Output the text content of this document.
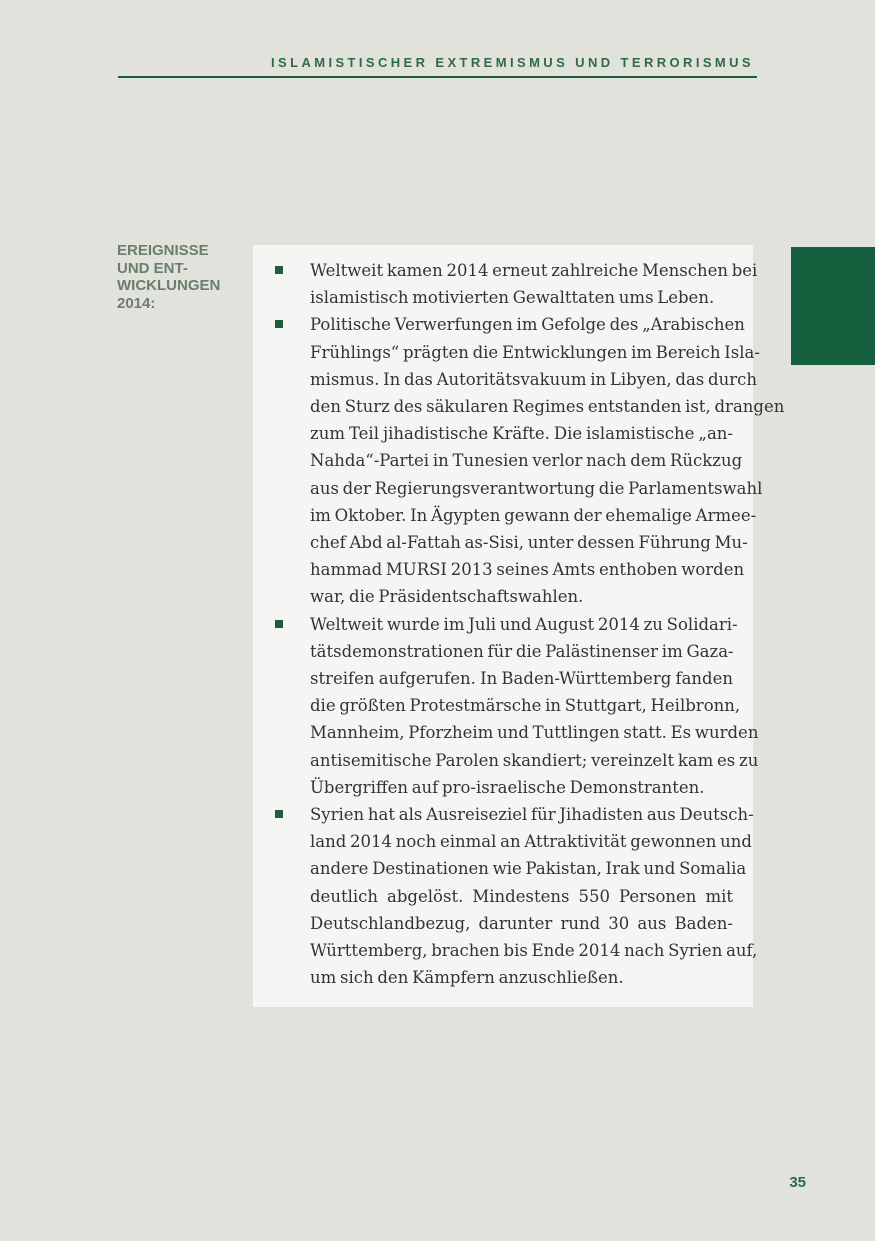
ISLAMISTISCHER EXTREMISMUS UND TERRORISMUS
EREIGNISSE
UND ENT-
WICKLUNGEN
2014:
Weltweit kamen 2014 erneut zahlreiche Menschen bei
islamistisch motivierten Gewalttaten ums Leben.
Politische Verwerfungen im Gefolge des „Arabischen
Frühlings“ prägten die Entwicklungen im Bereich Isla-
mismus. In das Autoritätsvakuum in Libyen, das durch
den Sturz des säkularen Regimes entstanden ist, drangen
zum Teil jihadistische Kräfte. Die islamistische „an-
Nahda“-Partei in Tunesien verlor nach dem Rückzug
aus der Regierungsverantwortung die Parlamentswahl
im Oktober. In Ägypten gewann der ehemalige Armee-
chef Abd al-Fattah as-Sisi, unter dessen Führung Mu-
hammad MURSI 2013 seines Amts enthoben worden
war, die Präsidentschaftswahlen.
Weltweit wurde im Juli und August 2014 zu Solidari-
tätsdemonstrationen für die Palästinenser im Gaza-
streifen aufgerufen. In Baden-Württemberg fanden
die größten Protestmärsche in Stuttgart, Heilbronn,
Mannheim, Pforzheim und Tuttlingen statt. Es wurden
antisemitische Parolen skandiert; vereinzelt kam es zu
Übergriffen auf pro-israelische Demonstranten.
Syrien hat als Ausreiseziel für Jihadisten aus Deutsch-
land 2014 noch einmal an Attraktivität gewonnen und
andere Destinationen wie Pakistan, Irak und Somalia
deutlich abgelöst. Mindestens 550 Personen mit
Deutschlandbezug, darunter rund 30 aus Baden-
Württemberg, brachen bis Ende 2014 nach Syrien auf,
um sich den Kämpfern anzuschließen.
35
